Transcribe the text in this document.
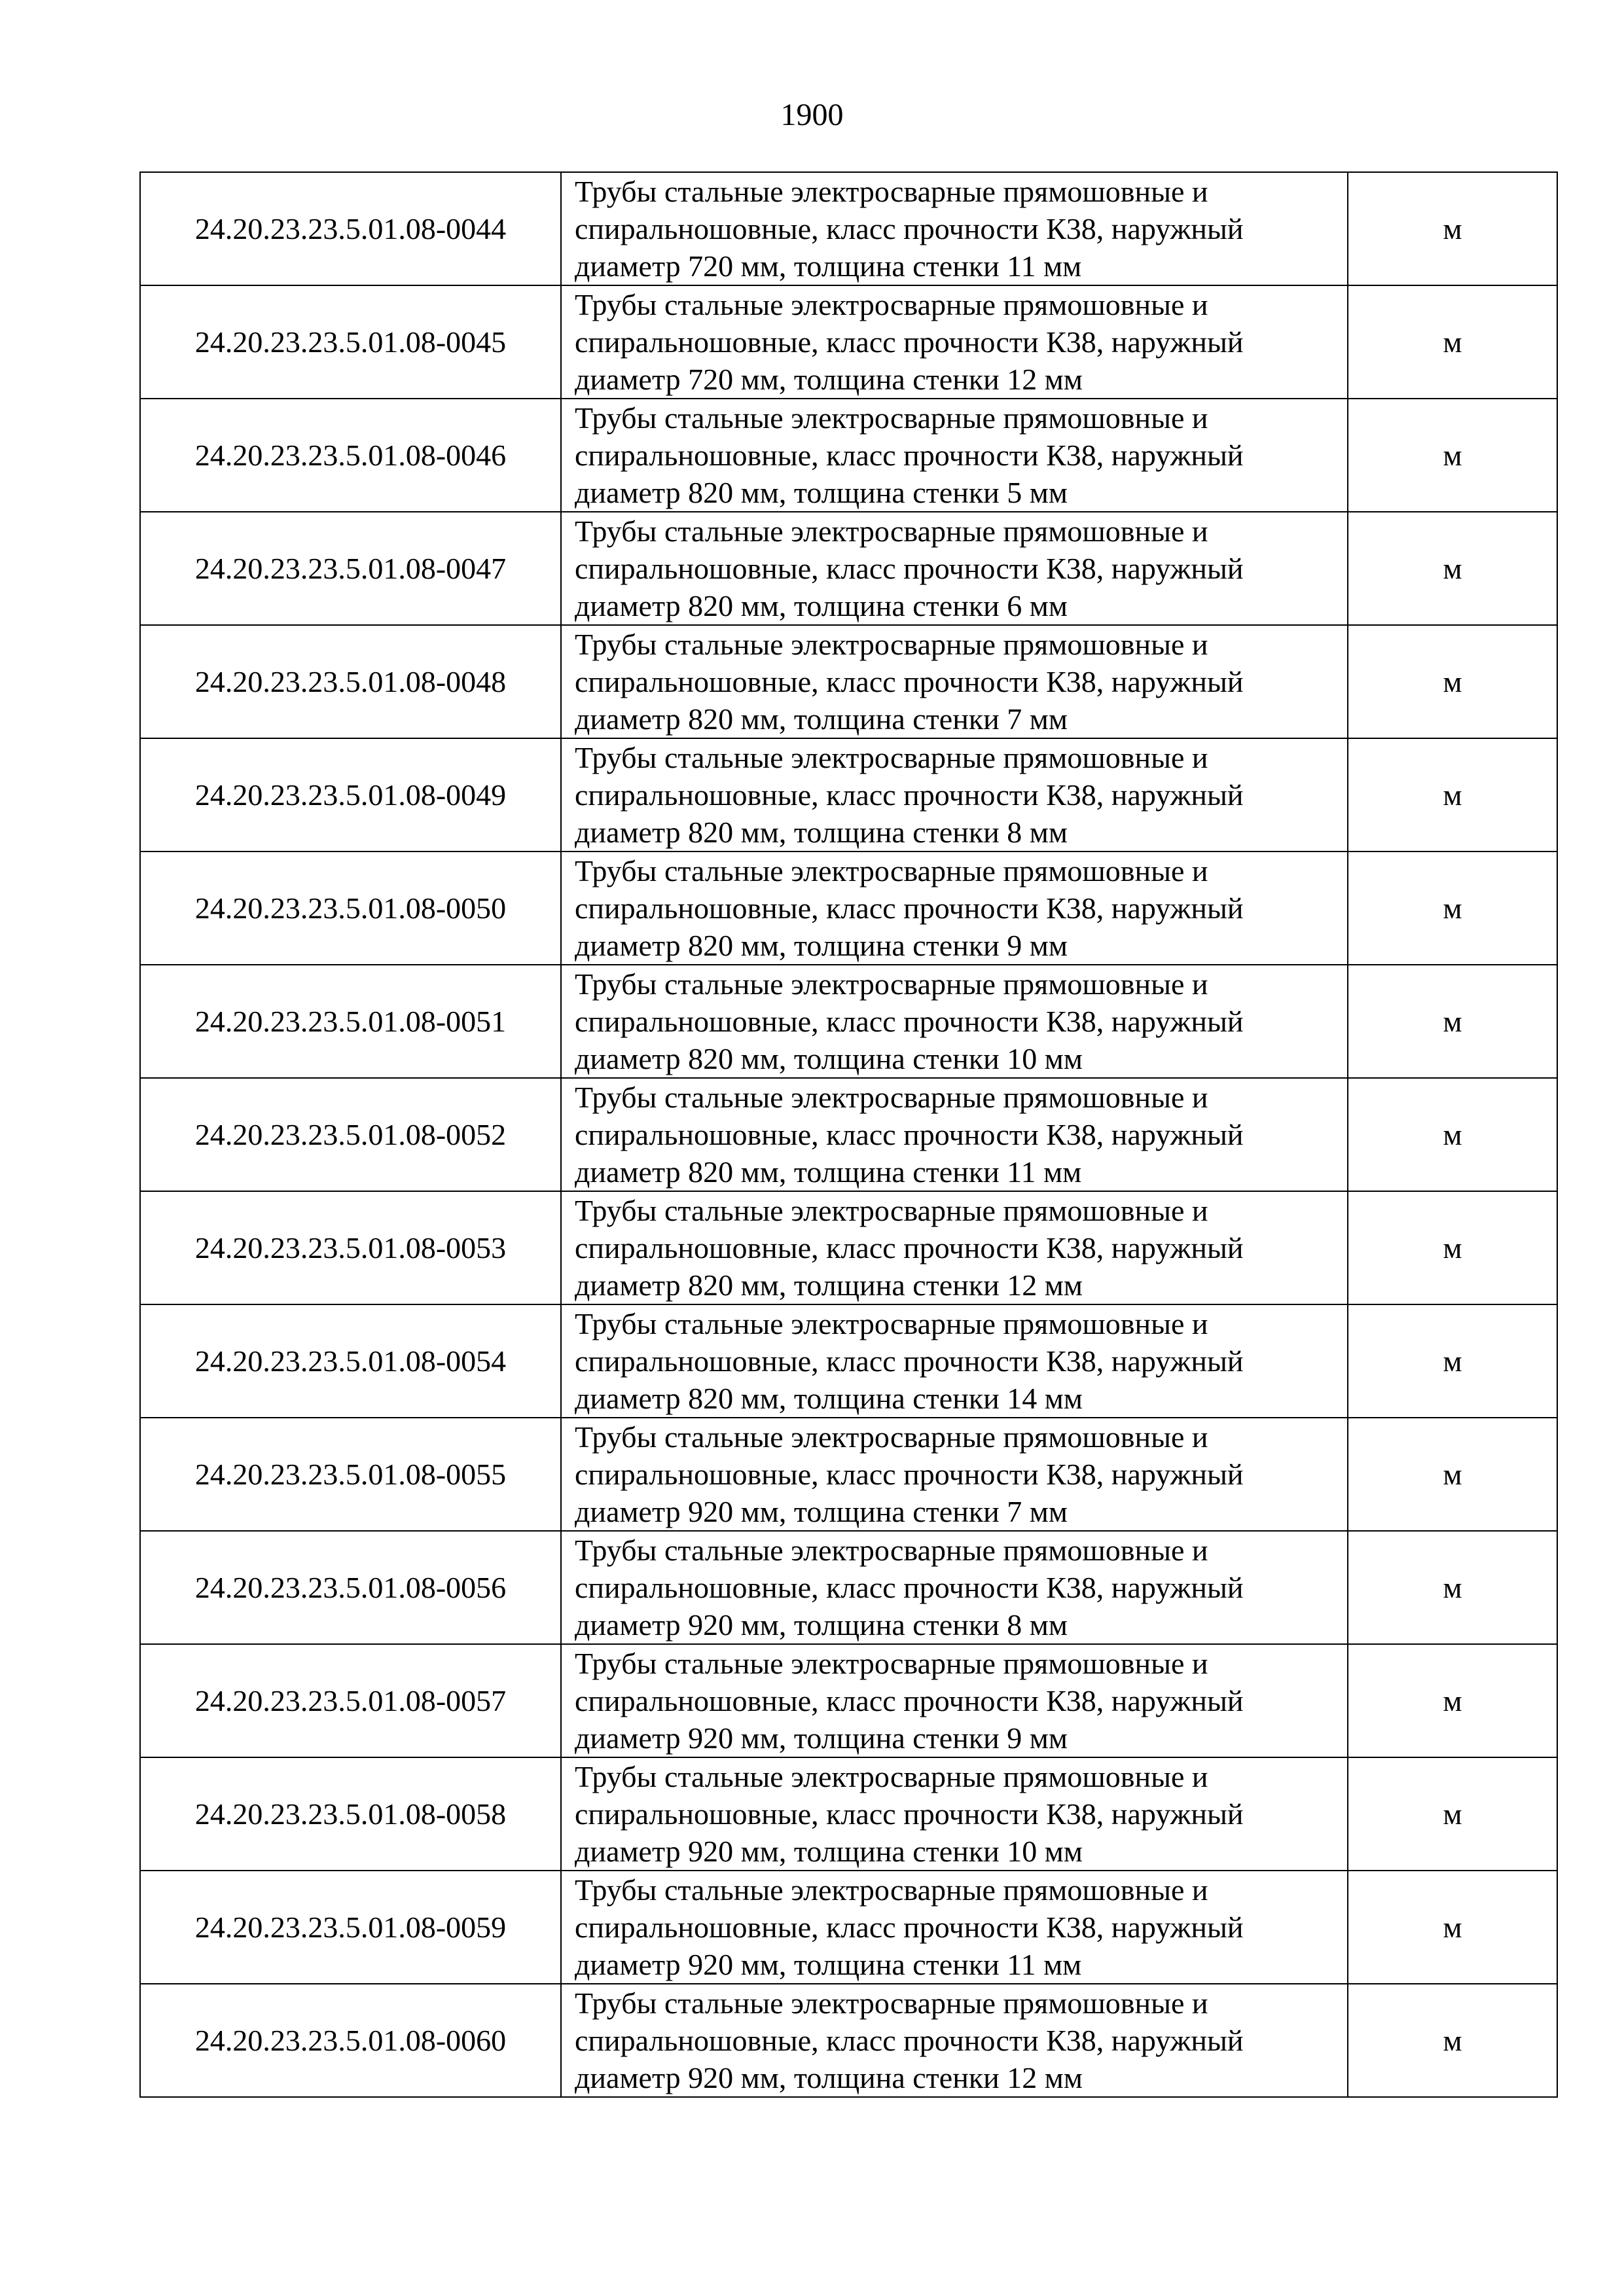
1900
24.20.23.23.5.01.08-0044	Трубы стальные электросварные прямошовные и
спиральношовные, класс прочности К38, наружный
диаметр 720 мм, толщина стенки 11 мм	м
24.20.23.23.5.01.08-0045	Трубы стальные электросварные прямошовные и
спиральношовные, класс прочности К38, наружный
диаметр 720 мм, толщина стенки 12 мм	м
24.20.23.23.5.01.08-0046	Трубы стальные электросварные прямошовные и
спиральношовные, класс прочности К38, наружный
диаметр 820 мм, толщина стенки 5 мм	м
24.20.23.23.5.01.08-0047	Трубы стальные электросварные прямошовные и
спиральношовные, класс прочности К38, наружный
диаметр 820 мм, толщина стенки 6 мм	м
24.20.23.23.5.01.08-0048	Трубы стальные электросварные прямошовные и
спиральношовные, класс прочности К38, наружный
диаметр 820 мм, толщина стенки 7 мм	м
24.20.23.23.5.01.08-0049	Трубы стальные электросварные прямошовные и
спиральношовные, класс прочности К38, наружный
диаметр 820 мм, толщина стенки 8 мм	м
24.20.23.23.5.01.08-0050	Трубы стальные электросварные прямошовные и
спиральношовные, класс прочности К38, наружный
диаметр 820 мм, толщина стенки 9 мм	м
24.20.23.23.5.01.08-0051	Трубы стальные электросварные прямошовные и
спиральношовные, класс прочности К38, наружный
диаметр 820 мм, толщина стенки 10 мм	м
24.20.23.23.5.01.08-0052	Трубы стальные электросварные прямошовные и
спиральношовные, класс прочности К38, наружный
диаметр 820 мм, толщина стенки 11 мм	м
24.20.23.23.5.01.08-0053	Трубы стальные электросварные прямошовные и
спиральношовные, класс прочности К38, наружный
диаметр 820 мм, толщина стенки 12 мм	м
24.20.23.23.5.01.08-0054	Трубы стальные электросварные прямошовные и
спиральношовные, класс прочности К38, наружный
диаметр 820 мм, толщина стенки 14 мм	м
24.20.23.23.5.01.08-0055	Трубы стальные электросварные прямошовные и
спиральношовные, класс прочности К38, наружный
диаметр 920 мм, толщина стенки 7 мм	м
24.20.23.23.5.01.08-0056	Трубы стальные электросварные прямошовные и
спиральношовные, класс прочности К38, наружный
диаметр 920 мм, толщина стенки 8 мм	м
24.20.23.23.5.01.08-0057	Трубы стальные электросварные прямошовные и
спиральношовные, класс прочности К38, наружный
диаметр 920 мм, толщина стенки 9 мм	м
24.20.23.23.5.01.08-0058	Трубы стальные электросварные прямошовные и
спиральношовные, класс прочности К38, наружный
диаметр 920 мм, толщина стенки 10 мм	м
24.20.23.23.5.01.08-0059	Трубы стальные электросварные прямошовные и
спиральношовные, класс прочности К38, наружный
диаметр 920 мм, толщина стенки 11 мм	м
24.20.23.23.5.01.08-0060	Трубы стальные электросварные прямошовные и
спиральношовные, класс прочности К38, наружный
диаметр 920 мм, толщина стенки 12 мм	м
